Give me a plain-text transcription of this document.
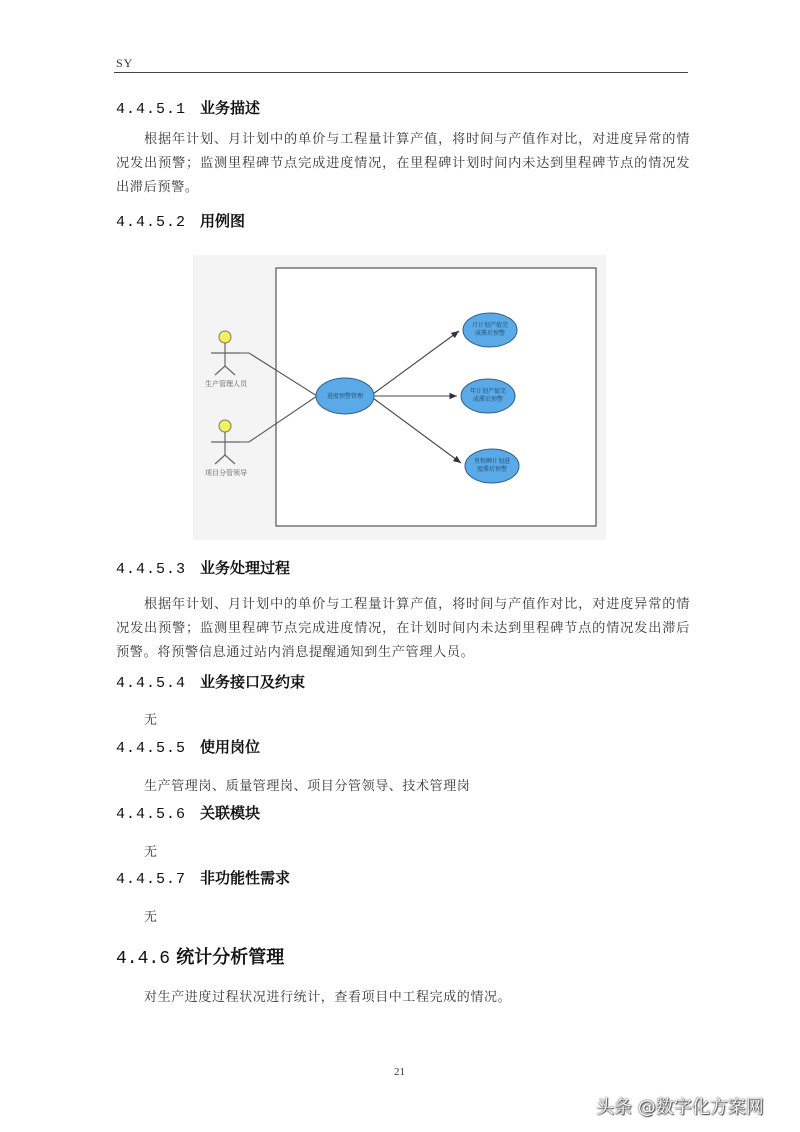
SY
4.4.5.1 业务描述
根据年计划、月计划中的单价与工程量计算产值，将时间与产值作对比，对进度异常的情况发出预警；监测里程碑节点完成进度情况，在里程碑计划时间内未达到里程碑节点的情况发出滞后预警。
4.4.5.2 用例图
生产管理人员
项目分管领导
进度预警管理
月计划产值完
成滞后预警
年计划产值完
成滞后预警
里程碑计划进
度滞后预警
4.4.5.3 业务处理过程
根据年计划、月计划中的单价与工程量计算产值，将时间与产值作对比，对进度异常的情况发出预警；监测里程碑节点完成进度情况，在计划时间内未达到里程碑节点的情况发出滞后预警。将预警信息通过站内消息提醒通知到生产管理人员。
4.4.5.4 业务接口及约束
无
4.4.5.5 使用岗位
生产管理岗、质量管理岗、项目分管领导、技术管理岗
4.4.5.6 关联模块
无
4.4.5.7 非功能性需求
无
4.4.6 统计分析管理
对生产进度过程状况进行统计，查看项目中工程完成的情况。
21
头条 @数字化方案网
